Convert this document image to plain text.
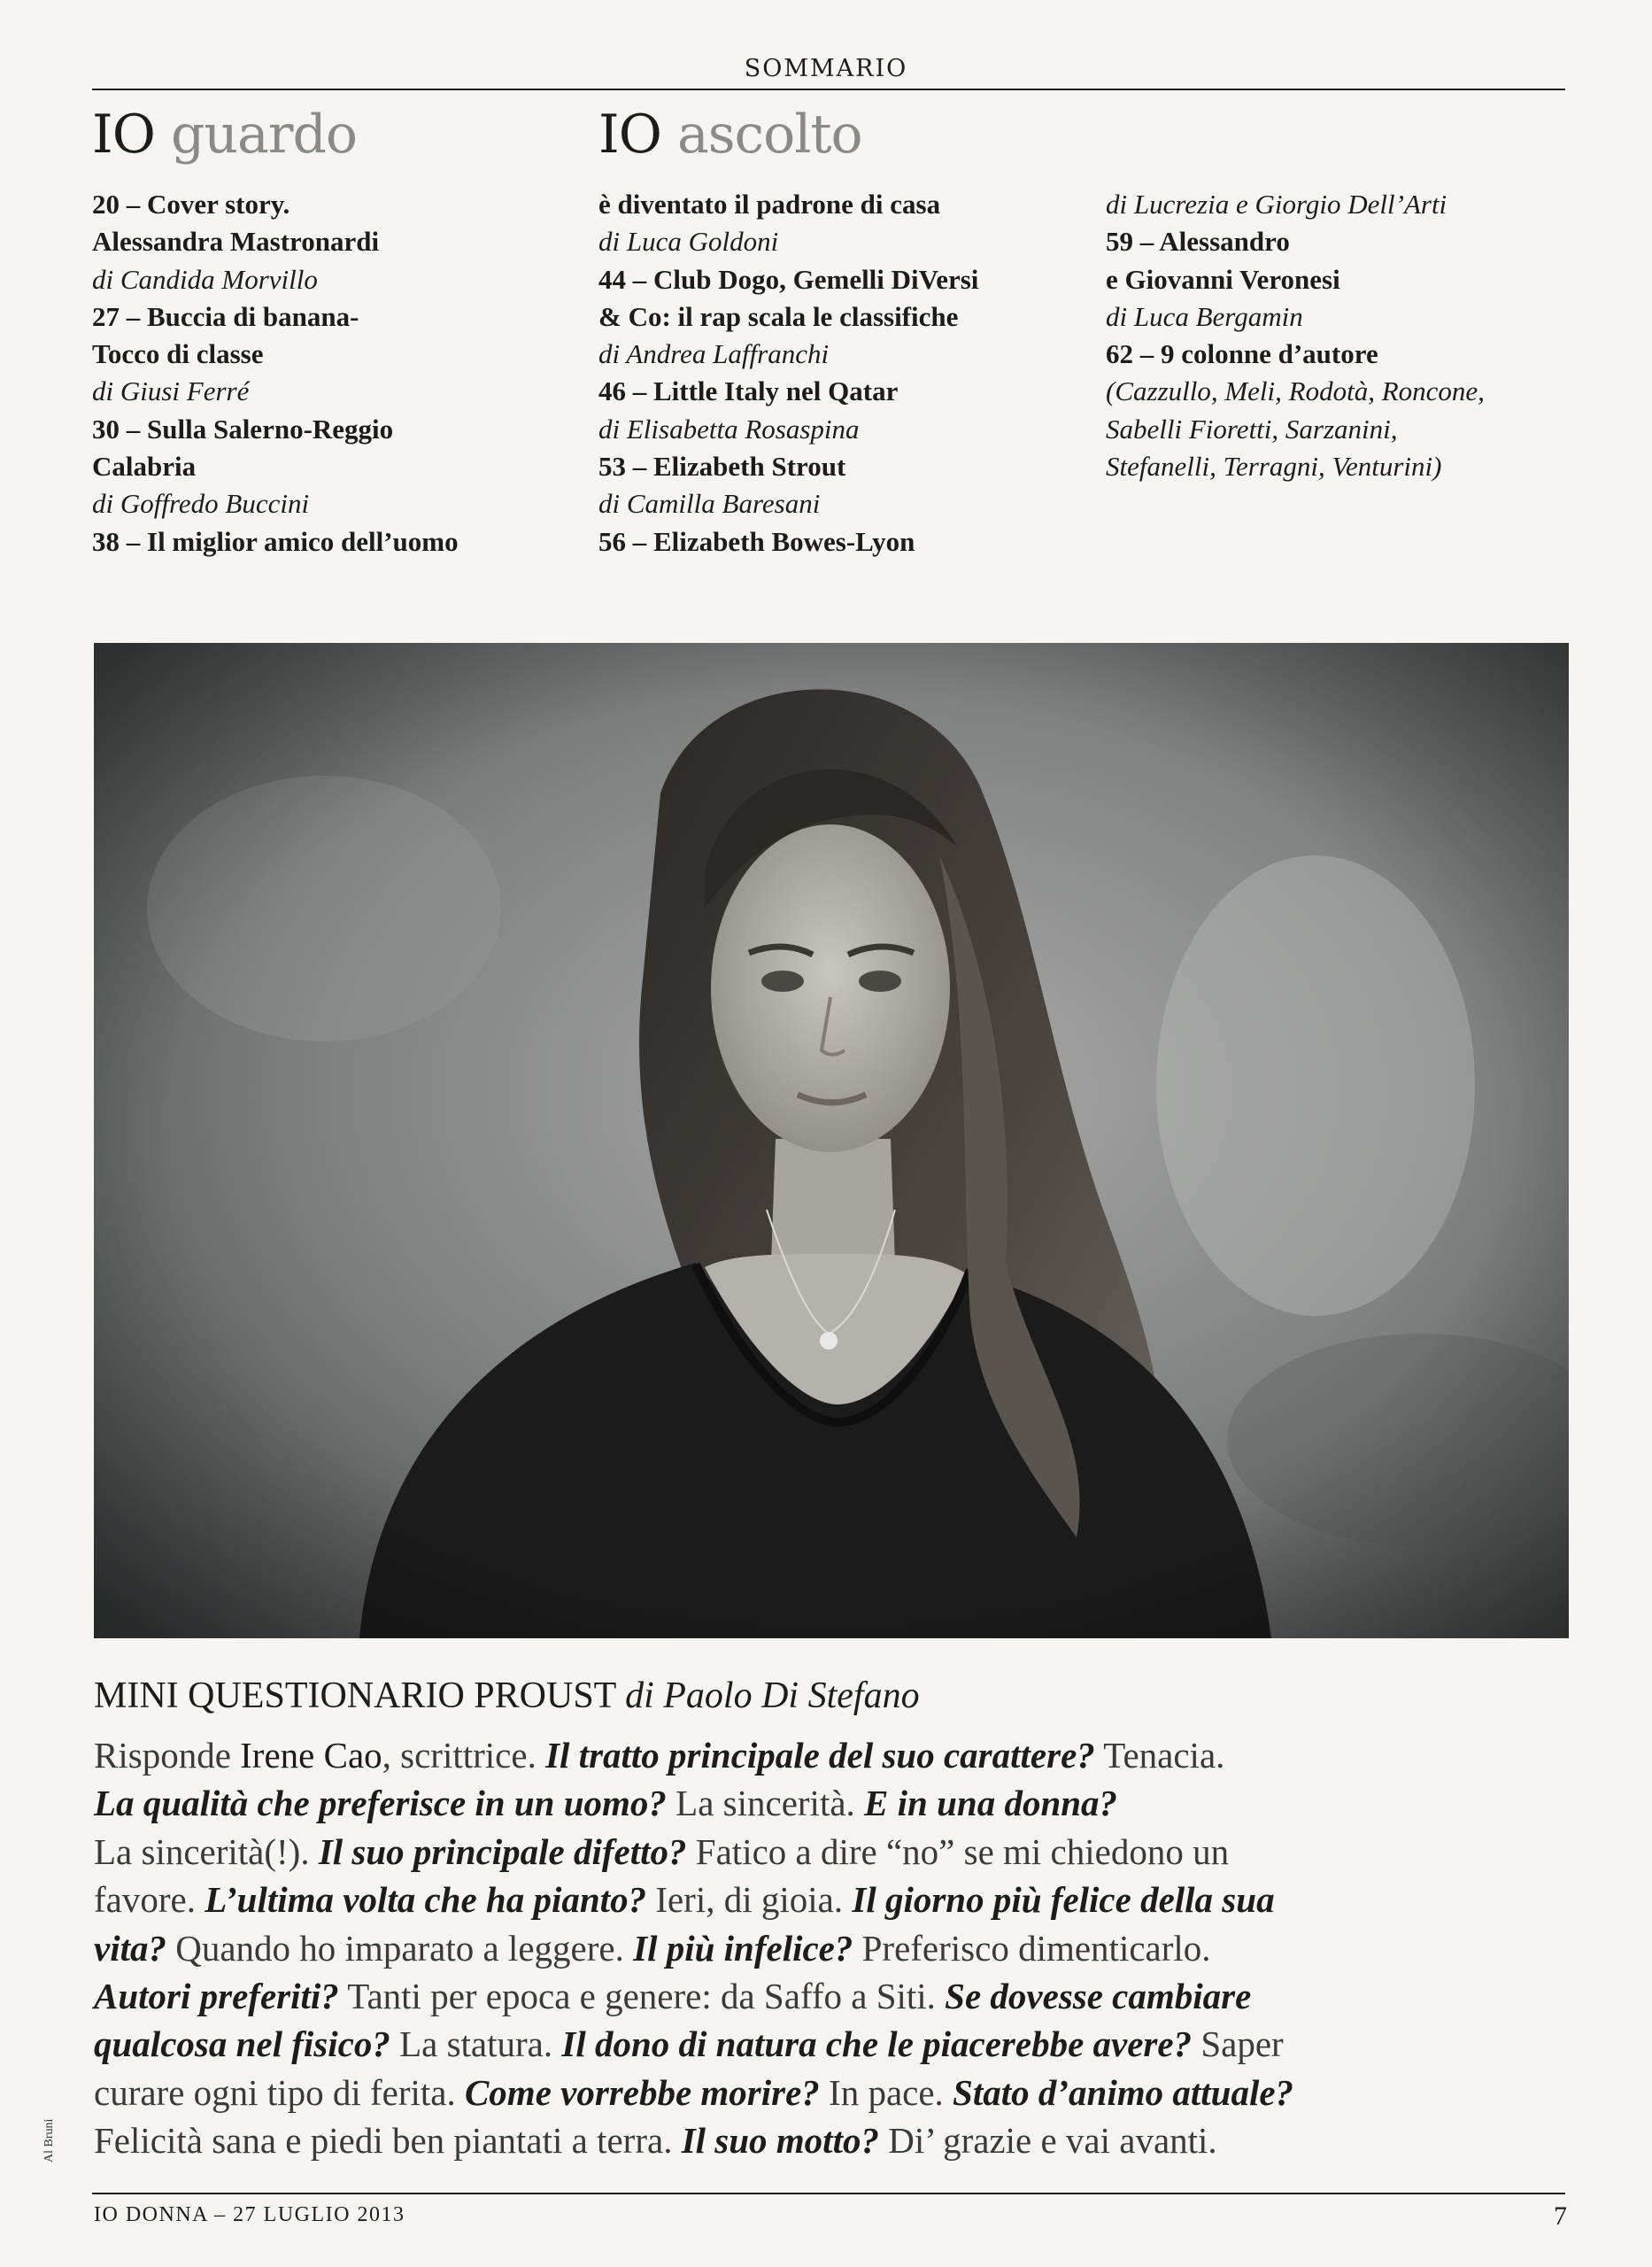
SOMMARIO
IO guardo	IO ascolto
20 – Cover story.
Alessandra Mastronardi
di Candida Morvillo
27 – Buccia di banana-
Tocco di classe
di Giusi Ferré
30 – Sulla Salerno-Reggio
Calabria
di Goffredo Buccini
38 – Il miglior amico dell’uomo
è diventato il padrone di casa
di Luca Goldoni
44 – Club Dogo, Gemelli DiVersi
& Co: il rap scala le classifiche
di Andrea Laffranchi
46 – Little Italy nel Qatar
di Elisabetta Rosaspina
53 – Elizabeth Strout
di Camilla Baresani
56 – Elizabeth Bowes-Lyon
di Lucrezia e Giorgio Dell’Arti
59 – Alessandro
e Giovanni Veronesi
di Luca Bergamin
62 – 9 colonne d’autore
(Cazzullo, Meli, Rodotà, Roncone,
Sabelli Fioretti, Sarzanini,
Stefanelli, Terragni, Venturini)
MINI QUESTIONARIO PROUST di Paolo Di Stefano
Risponde Irene Cao, scrittrice. Il tratto principale del suo carattere? Tenacia.
La qualità che preferisce in un uomo? La sincerità. E in una donna?
La sincerità(!). Il suo principale difetto? Fatico a dire “no” se mi chiedono un
favore. L’ultima volta che ha pianto? Ieri, di gioia. Il giorno più felice della sua
vita? Quando ho imparato a leggere. Il più infelice? Preferisco dimenticarlo.
Autori preferiti? Tanti per epoca e genere: da Saffo a Siti. Se dovesse cambiare
qualcosa nel fisico? La statura. Il dono di natura che le piacerebbe avere? Saper
curare ogni tipo di ferita. Come vorrebbe morire? In pace. Stato d’animo attuale?
Felicità sana e piedi ben piantati a terra. Il suo motto? Di’ grazie e vai avanti.
Al Bruni
IO DONNA – 27 LUGLIO 2013	7
